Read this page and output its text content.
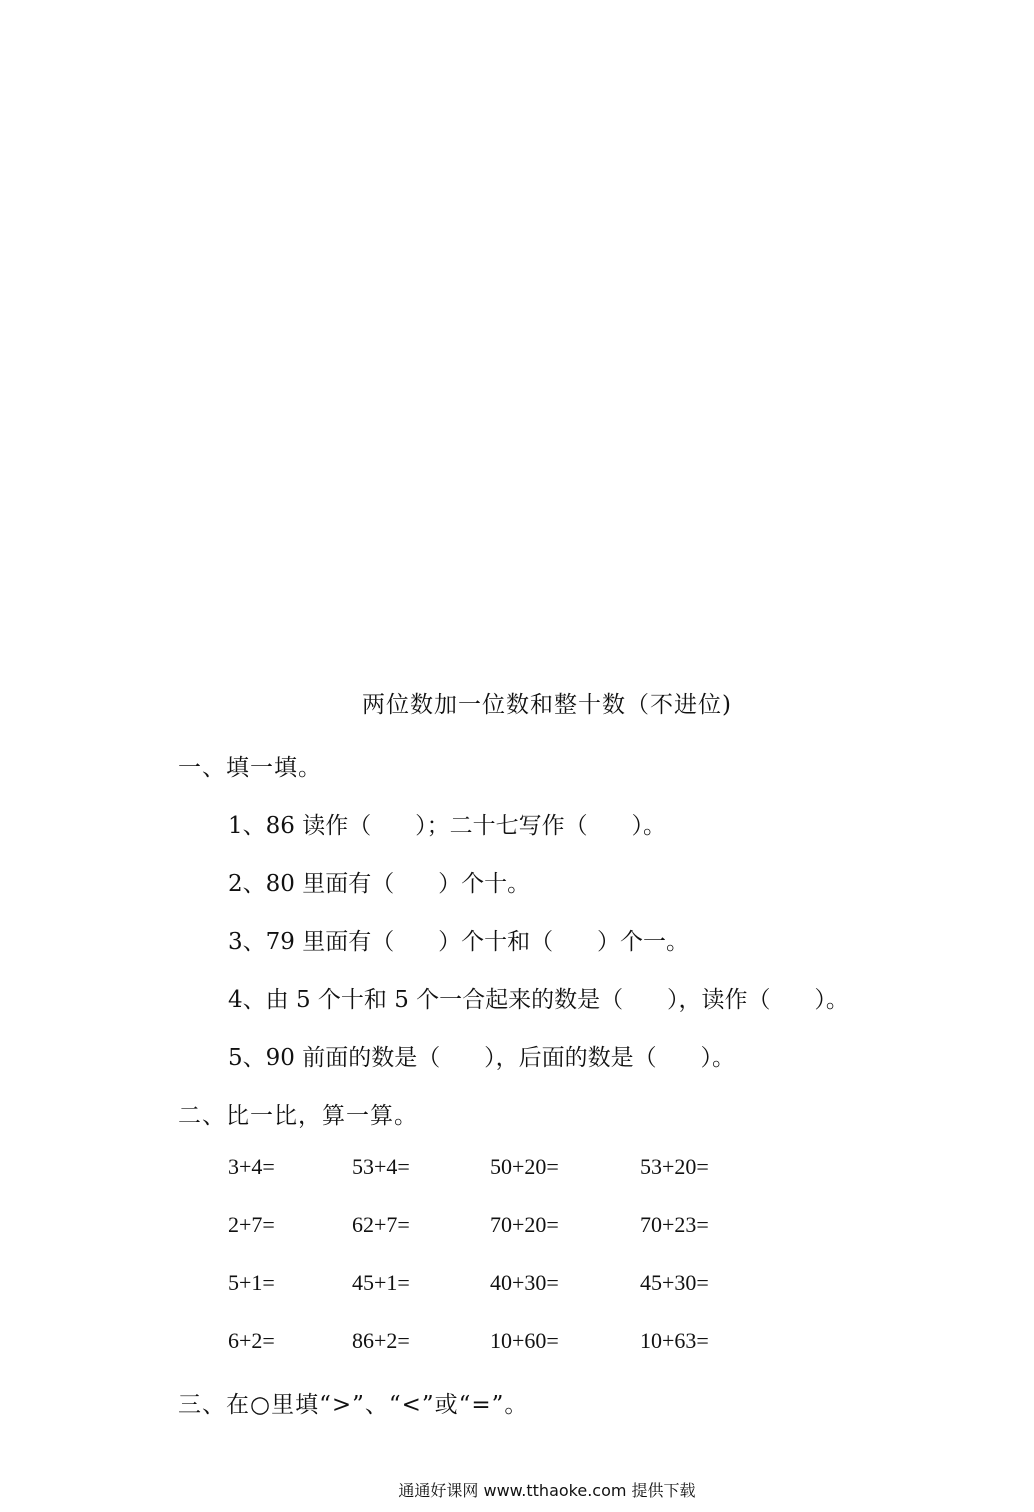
两位数加一位数和整十数（不进位)
一、填一填。
1、86 读作（      ）；二十七写作（      ）。
2、80 里面有（      ）个十。
3、79 里面有（      ）个十和（      ）个一。
4、由 5 个十和 5 个一合起来的数是（      ），读作（      ）。
5、90 前面的数是（      ），后面的数是（      ）。
二、比一比，算一算。
3+4=	53+4=	50+20=	53+20=
2+7=	62+7=	70+20=	70+23=
5+1=	45+1=	40+30=	45+30=
6+2=	86+2=	10+60=	10+63=
三、在○里填“>”、“<”或“=”。
通通好课网 www.tthaoke.com 提供下载
